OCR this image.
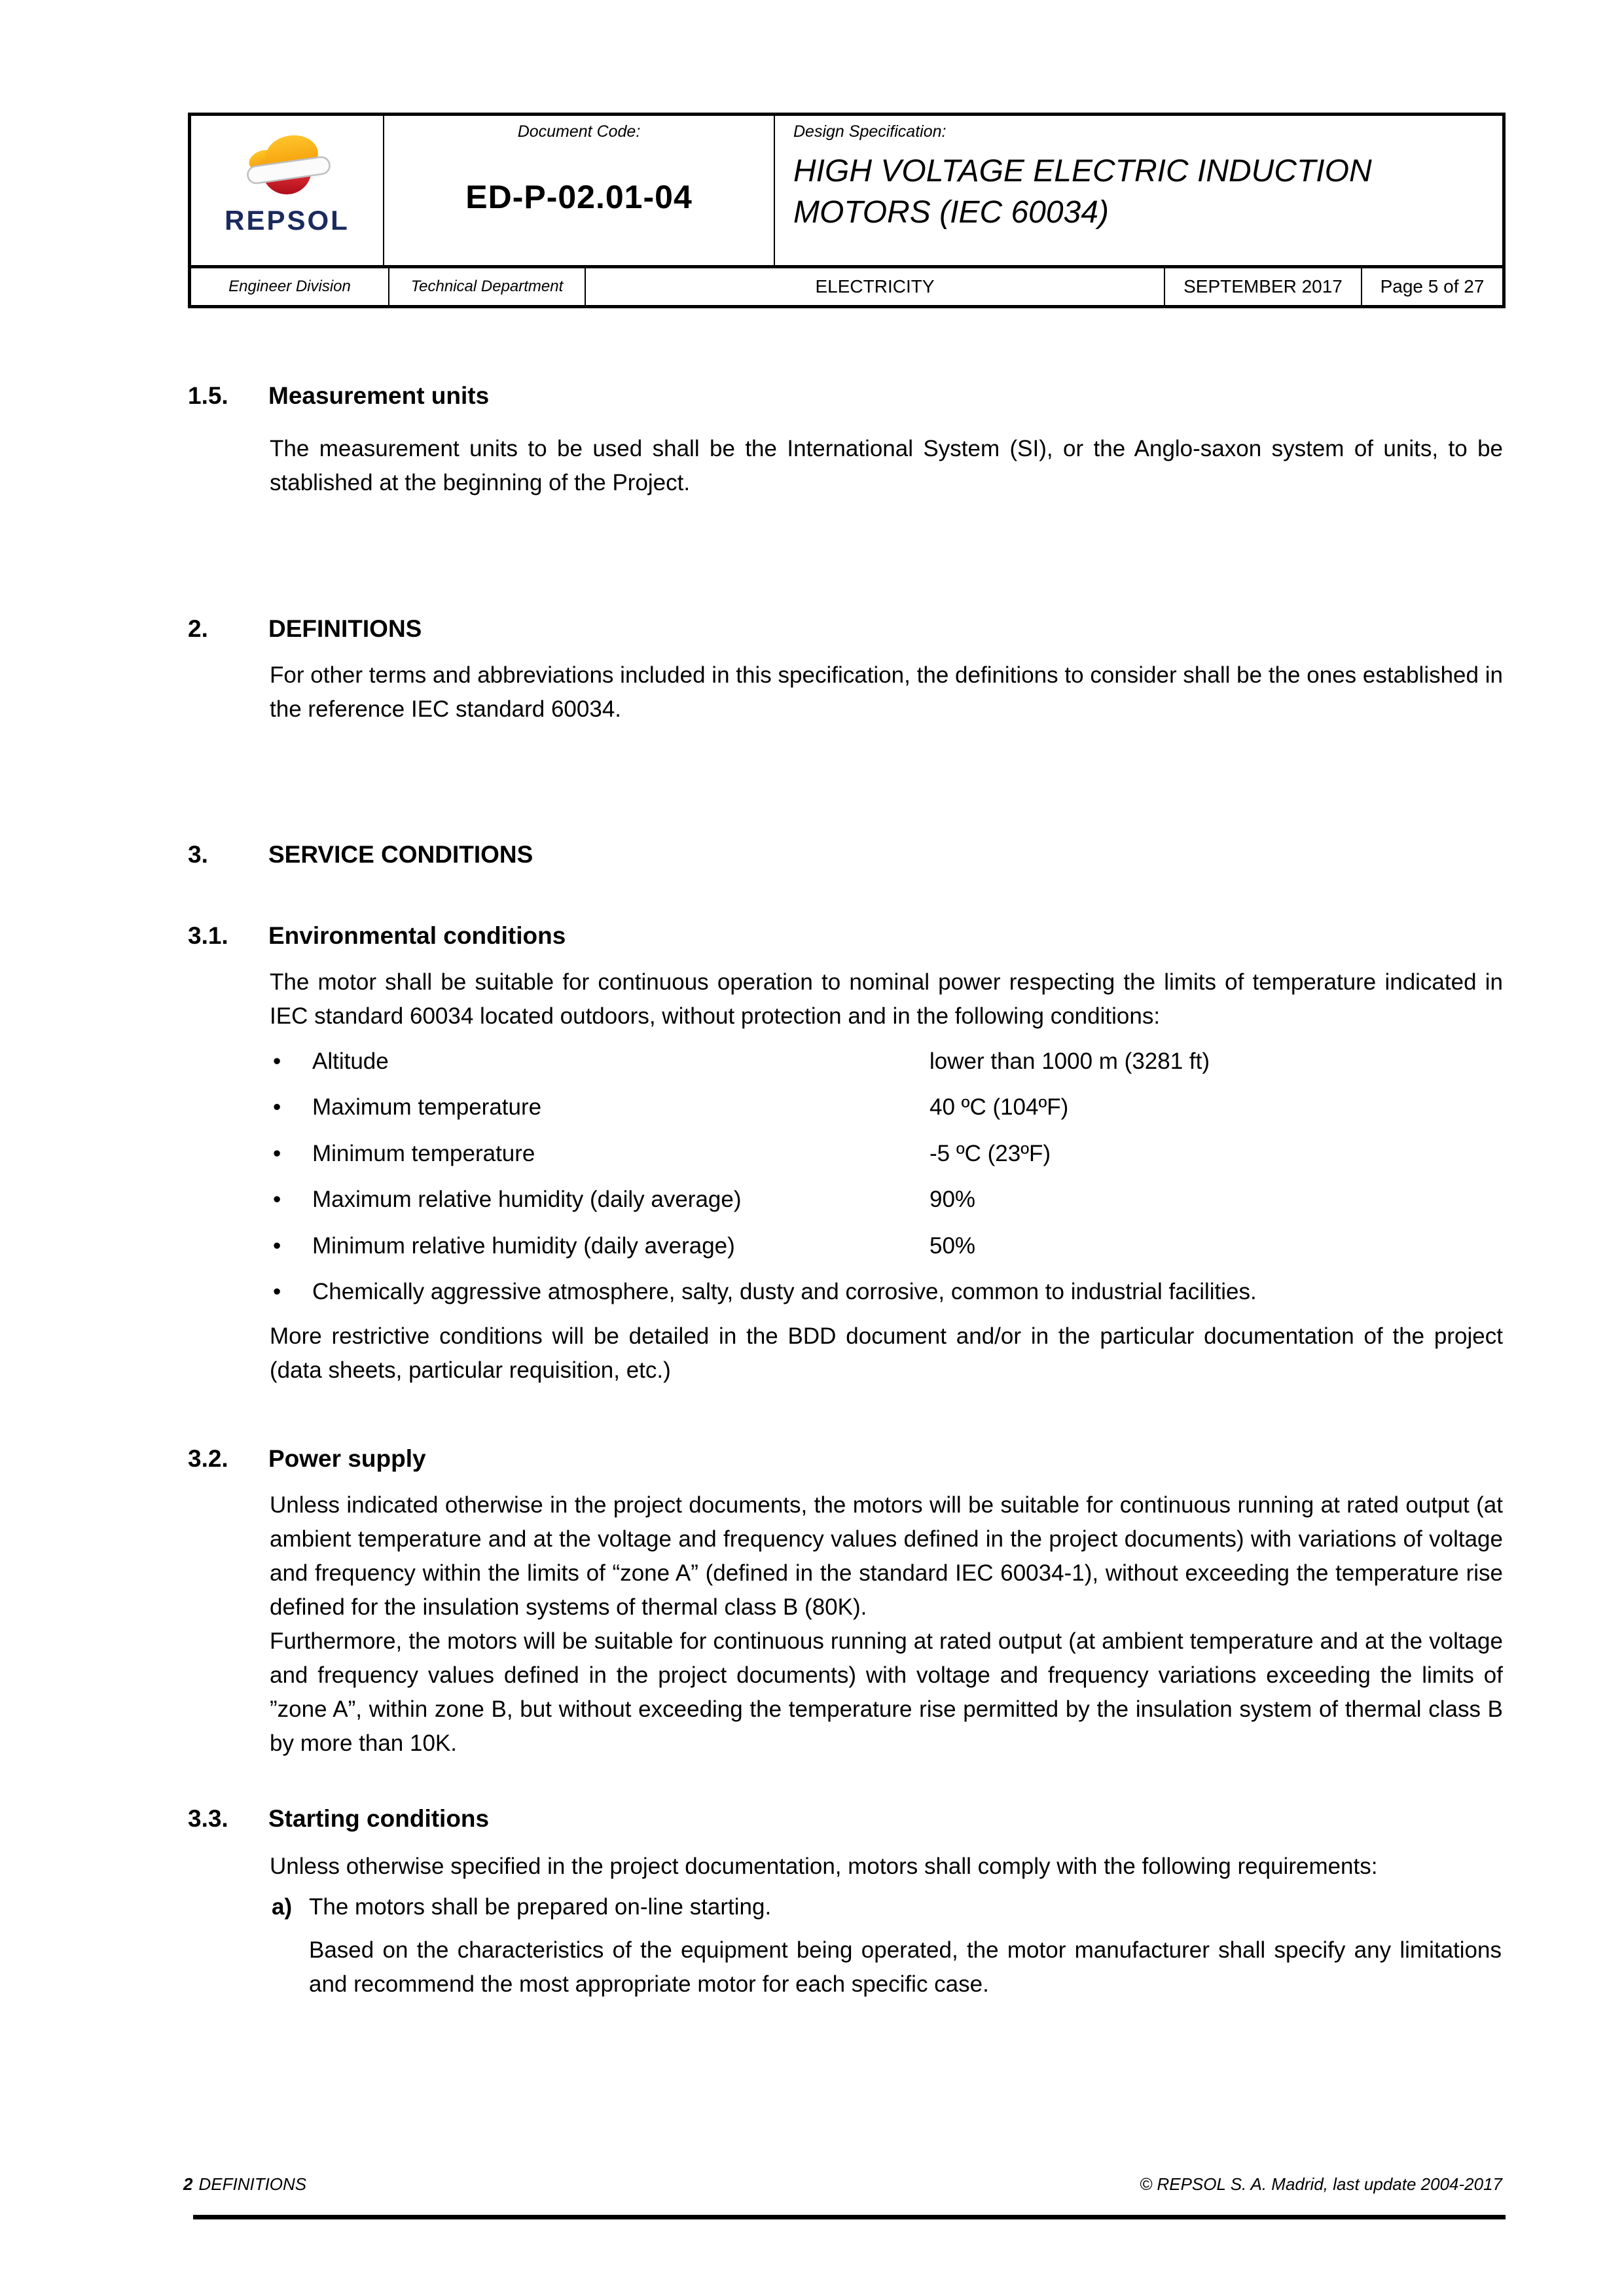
REPSOL
Document Code:
ED-P-02.01-04
Design Specification:
HIGH VOLTAGE ELECTRIC INDUCTION
MOTORS (IEC 60034)
Engineer Division	Technical Department	ELECTRICITY	SEPTEMBER 2017	Page 5 of 27
1.5.	Measurement units

The measurement units to be used shall be the International System (SI), or the Anglo-saxon system of units, to be stablished at the beginning of the Project.

2.	DEFINITIONS

For other terms and abbreviations included in this specification, the definitions to consider shall be the ones established in the reference IEC standard 60034.

3.	SERVICE CONDITIONS
3.1.	Environmental conditions

The motor shall be suitable for continuous operation to nominal power respecting the limits of temperature indicated in IEC standard 60034 located outdoors, without protection and in the following conditions:

• Altitude	lower than 1000 m (3281 ft)
• Maximum temperature	40 ºC (104ºF)
• Minimum temperature	-5 ºC (23ºF)
• Maximum relative humidity (daily average)	90%
• Minimum relative humidity (daily average)	50%
• Chemically aggressive atmosphere, salty, dusty and corrosive, common to industrial facilities.

More restrictive conditions will be detailed in the BDD document and/or in the particular documentation of the project (data sheets, particular requisition, etc.)

3.2.	Power supply

Unless indicated otherwise in the project documents, the motors will be suitable for continuous running at rated output (at ambient temperature and at the voltage and frequency values defined in the project documents) with variations of voltage and frequency within the limits of “zone A” (defined in the standard IEC 60034-1), without exceeding the temperature rise defined for the insulation systems of thermal class B (80K).

Furthermore, the motors will be suitable for continuous running at rated output (at ambient temperature and at the voltage and frequency values defined in the project documents) with voltage and frequency variations exceeding the limits of ”zone A”, within zone B, but without exceeding the temperature rise permitted by the insulation system of thermal class B by more than 10K.

3.3.	Starting conditions

Unless otherwise specified in the project documentation, motors shall comply with the following requirements:

a) The motors shall be prepared on-line starting.

Based on the characteristics of the equipment being operated, the motor manufacturer shall specify any limitations and recommend the most appropriate motor for each specific case.

2 DEFINITIONS	© REPSOL S. A. Madrid, last update 2004-2017
